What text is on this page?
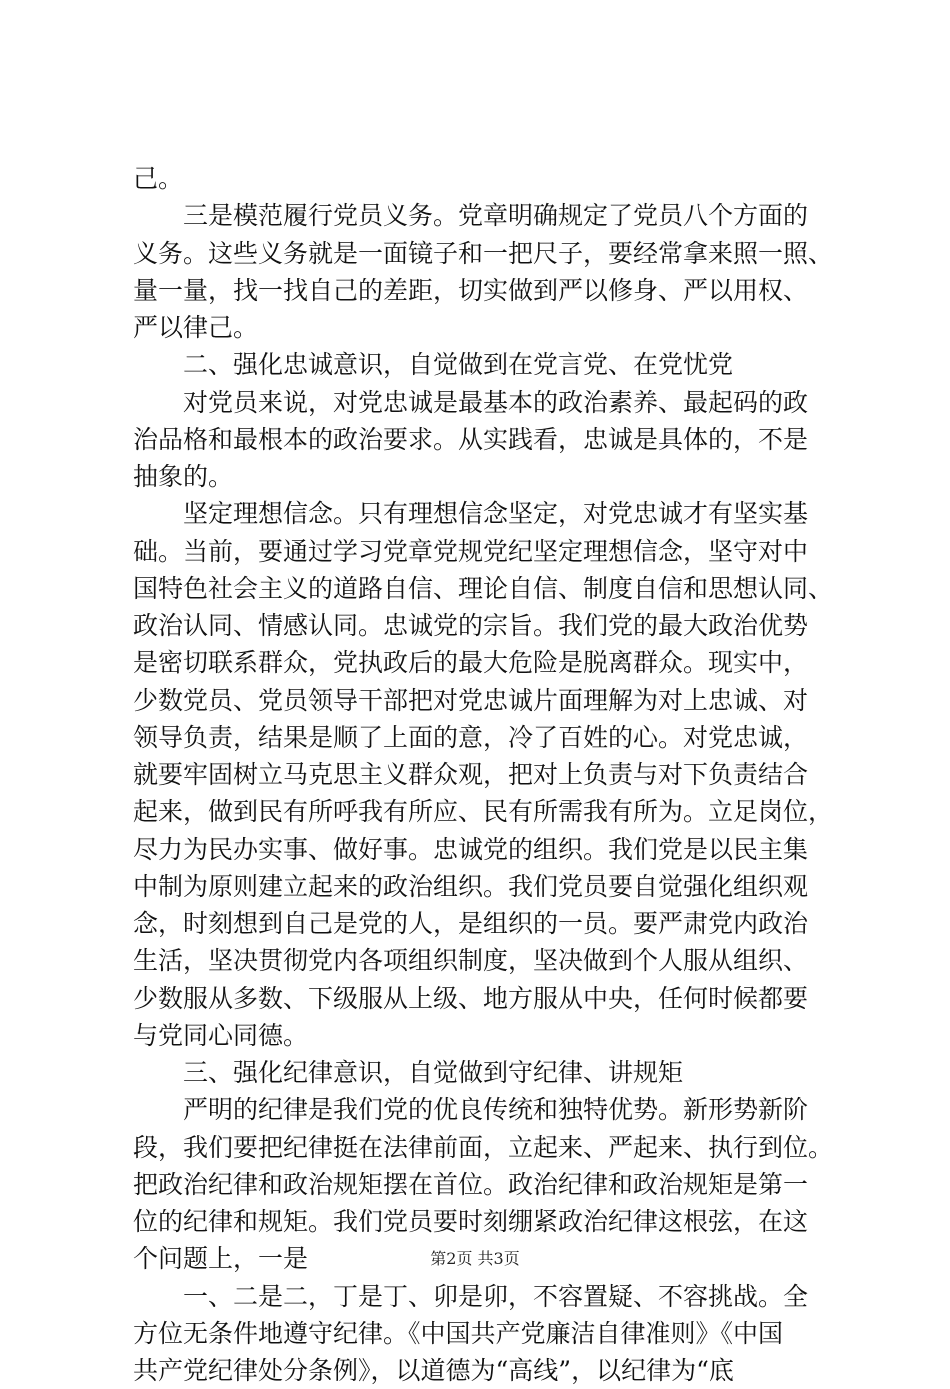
己。
　　三是模范履行党员义务。党章明确规定了党员八个方面的
义务。这些义务就是一面镜子和一把尺子，要经常拿来照一照、
量一量，找一找自己的差距，切实做到严以修身、严以用权、
严以律己。
　　二、强化忠诚意识，自觉做到在党言党、在党忧党
　　对党员来说，对党忠诚是最基本的政治素养、最起码的政
治品格和最根本的政治要求。从实践看，忠诚是具体的，不是
抽象的。
　　坚定理想信念。只有理想信念坚定，对党忠诚才有坚实基
础。当前，要通过学习党章党规党纪坚定理想信念，坚守对中
国特色社会主义的道路自信、理论自信、制度自信和思想认同、
政治认同、情感认同。忠诚党的宗旨。我们党的最大政治优势
是密切联系群众，党执政后的最大危险是脱离群众。现实中，
少数党员、党员领导干部把对党忠诚片面理解为对上忠诚、对
领导负责，结果是顺了上面的意，冷了百姓的心。对党忠诚，
就要牢固树立马克思主义群众观，把对上负责与对下负责结合
起来，做到民有所呼我有所应、民有所需我有所为。立足岗位，
尽力为民办实事、做好事。忠诚党的组织。我们党是以民主集
中制为原则建立起来的政治组织。我们党员要自觉强化组织观
念，时刻想到自己是党的人，是组织的一员。要严肃党内政治
生活，坚决贯彻党内各项组织制度，坚决做到个人服从组织、
少数服从多数、下级服从上级、地方服从中央，任何时候都要
与党同心同德。
　　三、强化纪律意识，自觉做到守纪律、讲规矩
　　严明的纪律是我们党的优良传统和独特优势。新形势新阶
段，我们要把纪律挺在法律前面，立起来、严起来、执行到位。
把政治纪律和政治规矩摆在首位。政治纪律和政治规矩是第一
位的纪律和规矩。我们党员要时刻绷紧政治纪律这根弦，在这
个问题上，一是
　　一、二是二，丁是丁、卯是卯，不容置疑、不容挑战。全
方位无条件地遵守纪律。《中国共产党廉洁自律准则》《中国
共产党纪律处分条例》，以道德为“高线”，以纪律为“底
第2页 共3页
